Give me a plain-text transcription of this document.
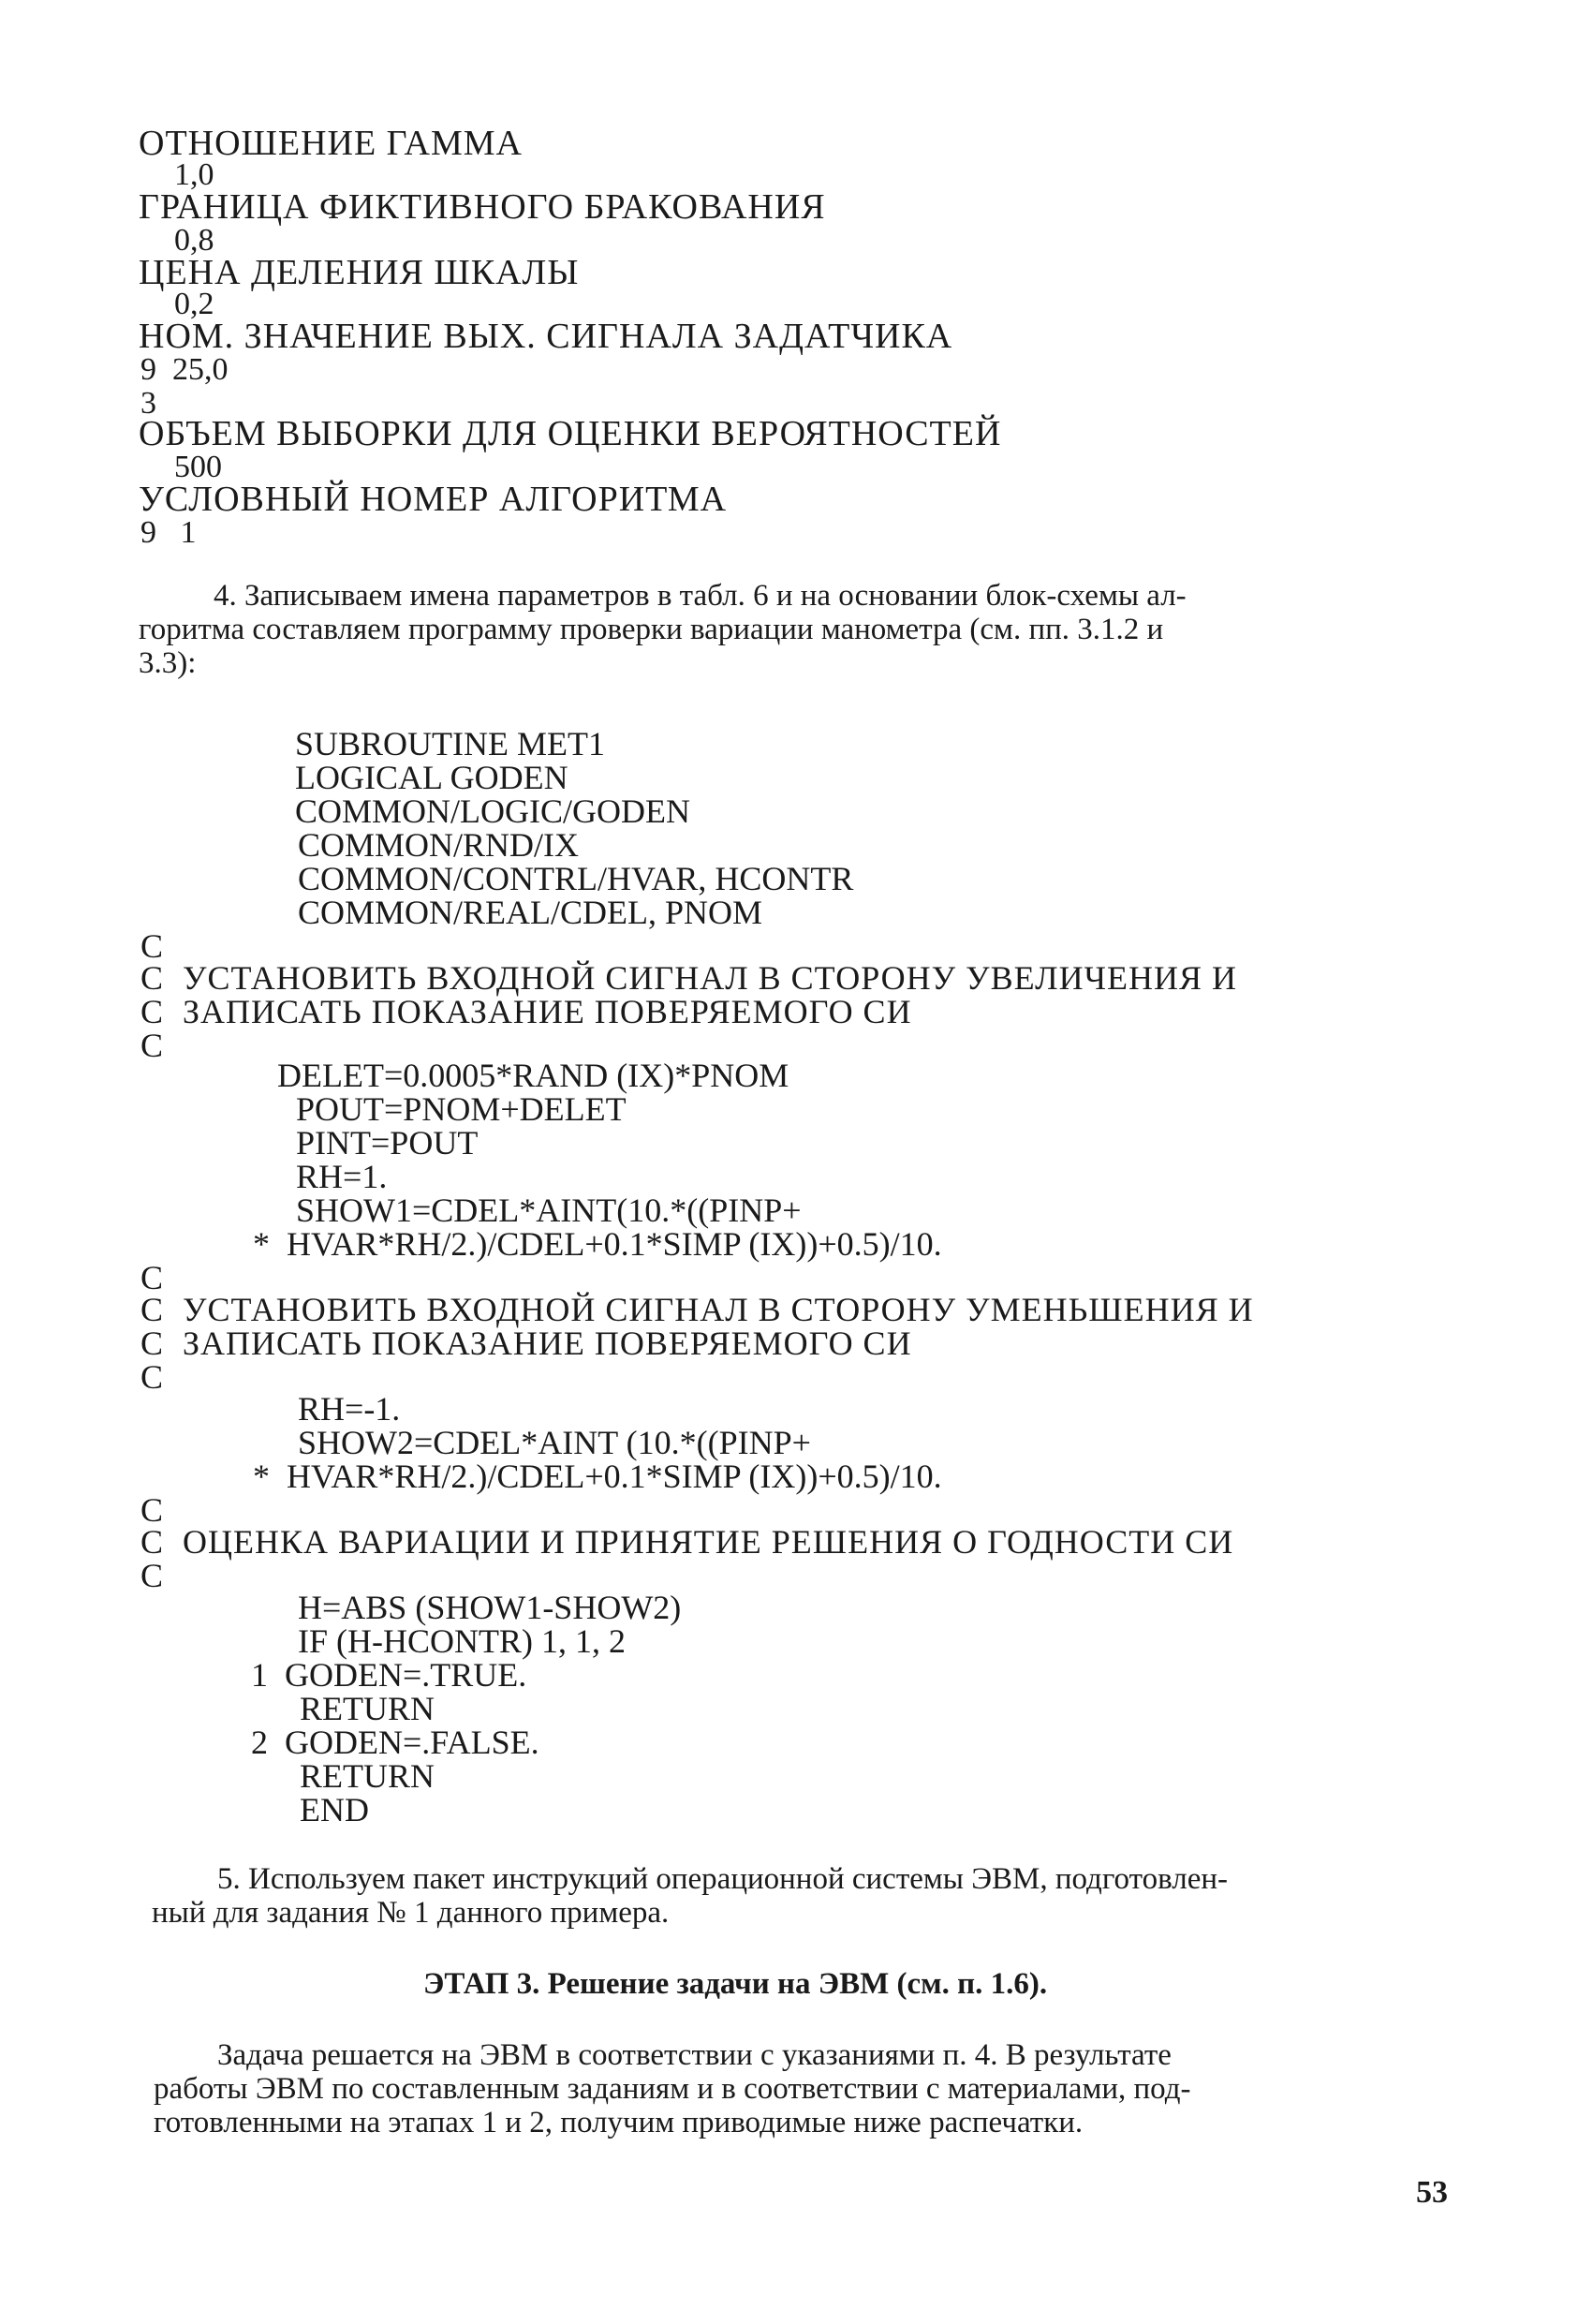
ОТНОШЕНИЕ ГАММА
1,0
ГРАНИЦА ФИКТИВНОГО БРАКОВАНИЯ
0,8
ЦЕНА ДЕЛЕНИЯ ШКАЛЫ
0,2
НОМ. ЗНАЧЕНИЕ ВЫХ. СИГНАЛА ЗАДАТЧИКА
9  25,0
3
ОБЪЕМ ВЫБОРКИ ДЛЯ ОЦЕНКИ ВЕРОЯТНОСТЕЙ
500
УСЛОВНЫЙ НОМЕР АЛГОРИТМА
9   1
4. Записываем имена параметров в табл. 6 и на основании блок-схемы ал-
горитма составляем программу проверки вариации манометра (см. пп. 3.1.2 и
3.3):
SUBROUTINE MET1
LOGICAL GODEN
COMMON/LOGIC/GODEN
COMMON/RND/IX
COMMON/CONTRL/HVAR, HCONTR
COMMON/REAL/CDEL, PNOM
C
C  УСТАНОВИТЬ ВХОДНОЙ СИГНАЛ В СТОРОНУ УВЕЛИЧЕНИЯ И
C  ЗАПИСАТЬ ПОКАЗАНИЕ ПОВЕРЯЕМОГО СИ
C
DELET=0.0005*RAND (IX)*PNOM
POUT=PNOM+DELET
PINT=POUT
RH=1.
SHOW1=CDEL*AINT(10.*((PINP+
*  HVAR*RH/2.)/CDEL+0.1*SIMP (IX))+0.5)/10.
C
C  УСТАНОВИТЬ ВХОДНОЙ СИГНАЛ В СТОРОНУ УМЕНЬШЕНИЯ И
C  ЗАПИСАТЬ ПОКАЗАНИЕ ПОВЕРЯЕМОГО СИ
C
RH=-1.
SHOW2=CDEL*AINT (10.*((PINP+
*  HVAR*RH/2.)/CDEL+0.1*SIMP (IX))+0.5)/10.
C
C  ОЦЕНКА ВАРИАЦИИ И ПРИНЯТИЕ РЕШЕНИЯ О ГОДНОСТИ СИ
C
H=ABS (SHOW1-SHOW2)
IF (H-HCONTR) 1, 1, 2
1  GODEN=.TRUE.
RETURN
2  GODEN=.FALSE.
RETURN
END
5. Используем пакет инструкций операционной системы ЭВМ, подготовлен-
ный для задания № 1 данного примера.
ЭТАП 3. Решение задачи на ЭВМ (см. п. 1.6).
Задача решается на ЭВМ в соответствии с указаниями п. 4. В результате
работы ЭВМ по составленным заданиям и в соответствии с материалами, под-
готовленными на этапах 1 и 2, получим приводимые ниже распечатки.
53
